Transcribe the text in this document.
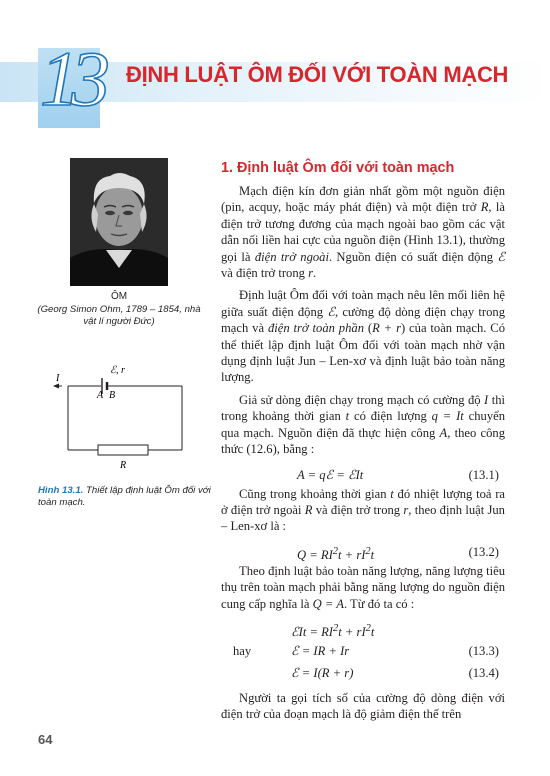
13 ĐỊNH LUẬT ÔM ĐỐI VỚI TOÀN MẠCH
ÔM
(Georg Simon Ohm, 1789 – 1854, nhà vật lí người Đức)
ℰ, r
I
A B
R
Hình 13.1. Thiết lập định luật Ôm đối với toàn mạch.
1. Định luật Ôm đối với toàn mạch

Mạch điện kín đơn giản nhất gồm một nguồn điện (pin, acquy, hoặc máy phát điện) và một điện trở R, là điện trở tương đương của mạch ngoài bao gồm các vật dẫn nối liền hai cực của nguồn điện (Hình 13.1), thường gọi là điện trở ngoài. Nguồn điện có suất điện động ℰ và điện trở trong r.

Định luật Ôm đối với toàn mạch nêu lên mối liên hệ giữa suất điện động ℰ, cường độ dòng điện chạy trong mạch và điện trở toàn phần (R + r) của toàn mạch. Có thể thiết lập định luật Ôm đối với toàn mạch nhờ vận dụng định luật Jun – Len-xơ và định luật bảo toàn năng lượng.

Giả sử dòng điện chạy trong mạch có cường độ I thì trong khoảng thời gian t có điện lượng q = It chuyển qua mạch. Nguồn điện đã thực hiện công A, theo công thức (12.6), bằng :

A = qℰ = ℰIt	(13.1)

Cũng trong khoảng thời gian t đó nhiệt lượng toả ra ở điện trở ngoài R và điện trở trong r, theo định luật Jun – Len-xơ là :

$Q = RI^2t + rI^2t$	(13.2)

Theo định luật bảo toàn năng lượng, năng lượng tiêu thụ trên toàn mạch phải bằng năng lượng do nguồn điện cung cấp nghĩa là Q = A. Từ đó ta có :

ℰIt = $RI^2t + rI^2t$
hay	ℰ = IR + Ir	(13.3)
ℰ = I(R + r)	(13.4)

Người ta gọi tích số của cường độ dòng điện với điện trở của đoạn mạch là độ giảm điện thế trên

64
